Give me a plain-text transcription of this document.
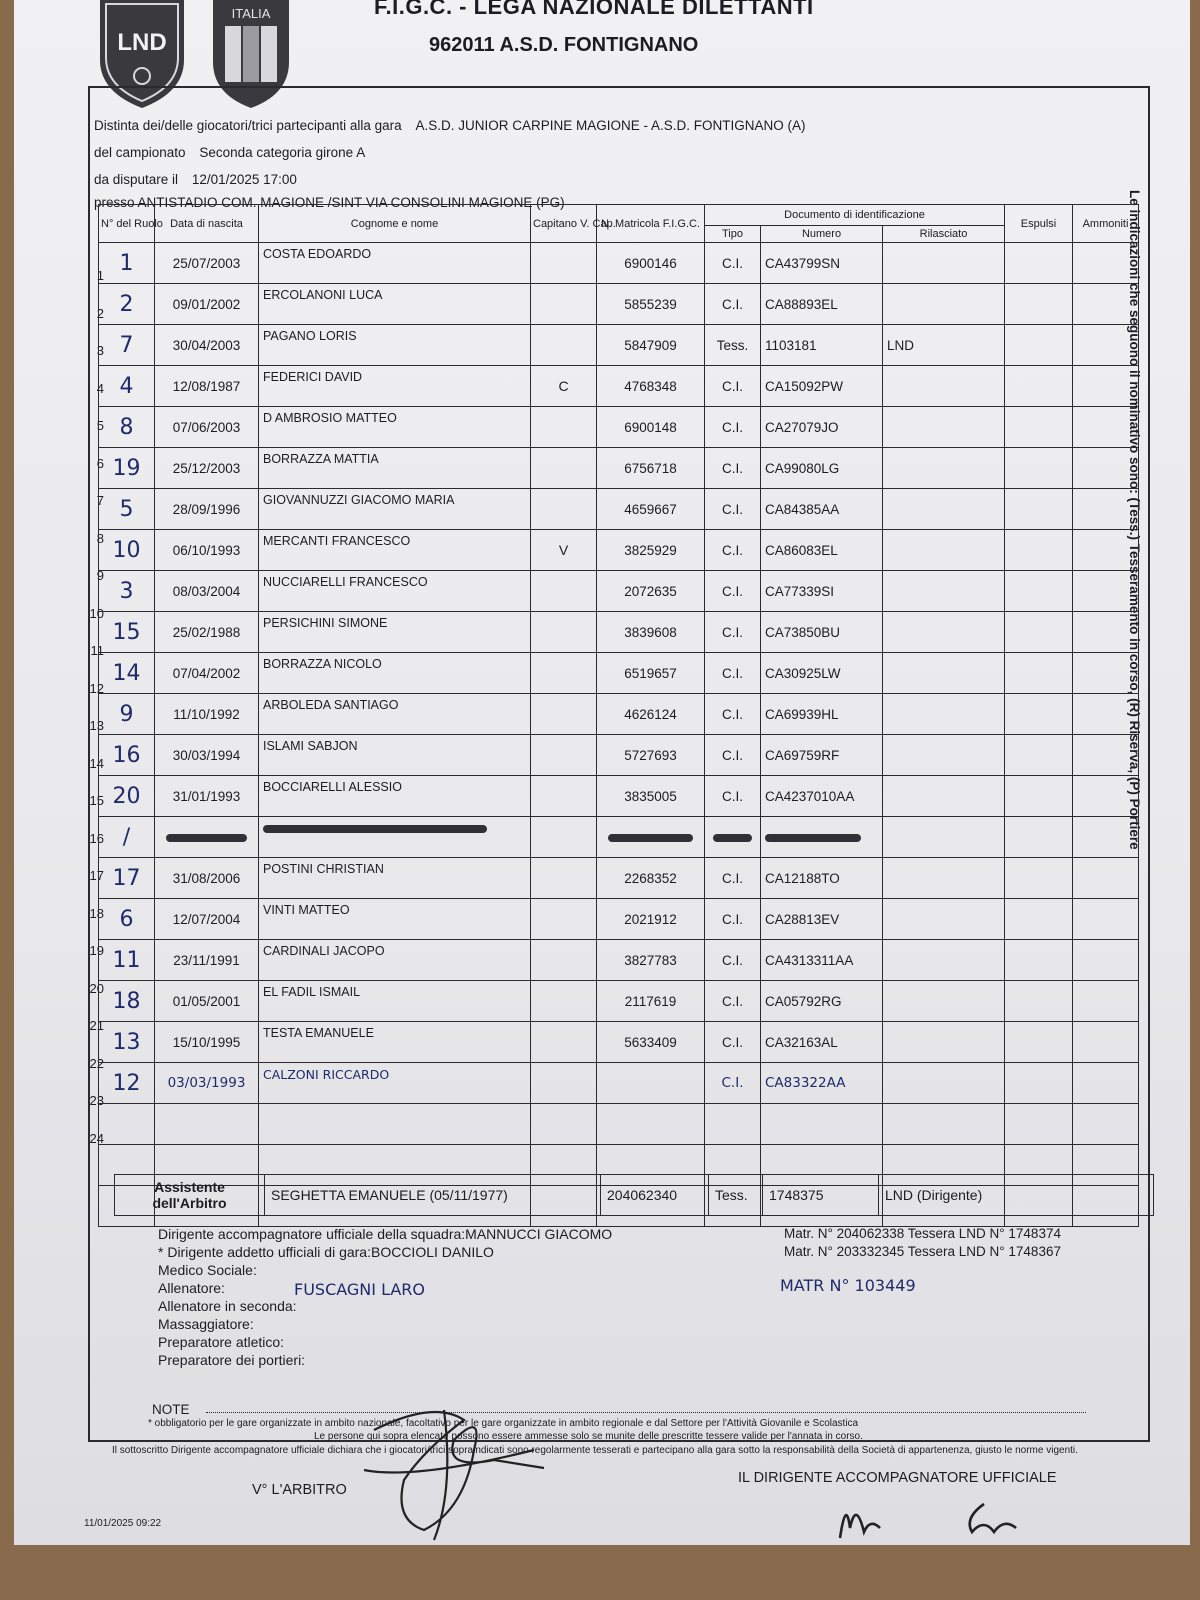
LND
ITALIA	F.I.G.C. - LEGA NAZIONALE DILETTANTI
962011 A.S.D. FONTIGNANO
Distinta dei/delle giocatori/trici partecipanti alla gara A.S.D. JUNIOR CARPINE MAGIONE - A.S.D. FONTIGNANO (A)
del campionato Seconda categoria girone A
da disputare il 12/01/2025 17:00
presso ANTISTADIO COM. MAGIONE /SINT VIA CONSOLINI MAGIONE (PG)	Le indicazioni che seguono il nominativo sono: (Tess.) Tesseramento in corso, (R) Riserva, (P) Portiere
1
2
3
4
5
6
7
8
9
10
11
12
13
14
15
16
17
18
19
20
21
22
23
24
N° del Ruolo	Data di nascita	Cognome e nome	Capitano V. Cap.	N. Matricola F.I.G.C.	Documento di identificazione			Espulsi	Ammoniti
					Tipo	Numero	Rilasciato		
1	25/07/2003	COSTA EDOARDO		6900146	C.I.	CA43799SN			
2	09/01/2002	ERCOLANONI LUCA		5855239	C.I.	CA88893EL			
7	30/04/2003	PAGANO LORIS		5847909	Tess.	1103181	LND		
4	12/08/1987	FEDERICI DAVID	C	4768348	C.I.	CA15092PW			
8	07/06/2003	D AMBROSIO MATTEO		6900148	C.I.	CA27079JO			
19	25/12/2003	BORRAZZA MATTIA		6756718	C.I.	CA99080LG			
5	28/09/1996	GIOVANNUZZI GIACOMO MARIA		4659667	C.I.	CA84385AA			
10	06/10/1993	MERCANTI FRANCESCO	V	3825929	C.I.	CA86083EL			
3	08/03/2004	NUCCIARELLI FRANCESCO		2072635	C.I.	CA77339SI			
15	25/02/1988	PERSICHINI SIMONE		3839608	C.I.	CA73850BU			
14	07/04/2002	BORRAZZA NICOLO		6519657	C.I.	CA30925LW			
9	11/10/1992	ARBOLEDA SANTIAGO		4626124	C.I.	CA69939HL			
16	30/03/1994	ISLAMI SABJON		5727693	C.I.	CA69759RF			
20	31/01/1993	BOCCIARELLI ALESSIO		3835005	C.I.	CA4237010AA			
/									
17	31/08/2006	POSTINI CHRISTIAN		2268352	C.I.	CA12188TO			
6	12/07/2004	VINTI MATTEO		2021912	C.I.	CA28813EV			
11	23/11/1991	CARDINALI JACOPO		3827783	C.I.	CA4313311AA			
18	01/05/2001	EL FADIL ISMAIL		2117619	C.I.	CA05792RG			
13	15/10/1995	TESTA EMANUELE		5633409	C.I.	CA32163AL			
12	03/03/1993	CALZONI RICCARDO			C.I.	CA83322AA			

Assistente dell'Arbitro	SEGHETTA EMANUELE (05/11/1977)	204062340	Tess.	1748375	LND (Dirigente)
Dirigente accompagnatore ufficiale della squadra:MANNUCCI GIACOMO
* Dirigente addetto ufficiali di gara:BOCCIOLI DANILO
Medico Sociale:
Allenatore:
Allenatore in seconda:
Massaggiatore:
Preparatore atletico:
Preparatore dei portieri:
FUSCAGNI LARO
Matr. N° 204062338 Tessera LND N° 1748374
Matr. N° 203332345 Tessera LND N° 1748367
MATR N° 103449
NOTE
* obbligatorio per le gare organizzate in ambito nazionale, facoltativo per le gare organizzate in ambito regionale e dal Settore per l'Attività Giovanile e Scolastica
Le persone qui sopra elencate possono essere ammesse solo se munite delle prescritte tessere valide per l'annata in corso.
Il sottoscritto Dirigente accompagnatore ufficiale dichiara che i giocatori/trici sopraindicati sono regolarmente tesserati e partecipano alla gara sotto la responsabilità della Società di appartenenza, giusto le norme vigenti.
V° L'ARBITRO
IL DIRIGENTE ACCOMPAGNATORE UFFICIALE
11/01/2025 09:22
